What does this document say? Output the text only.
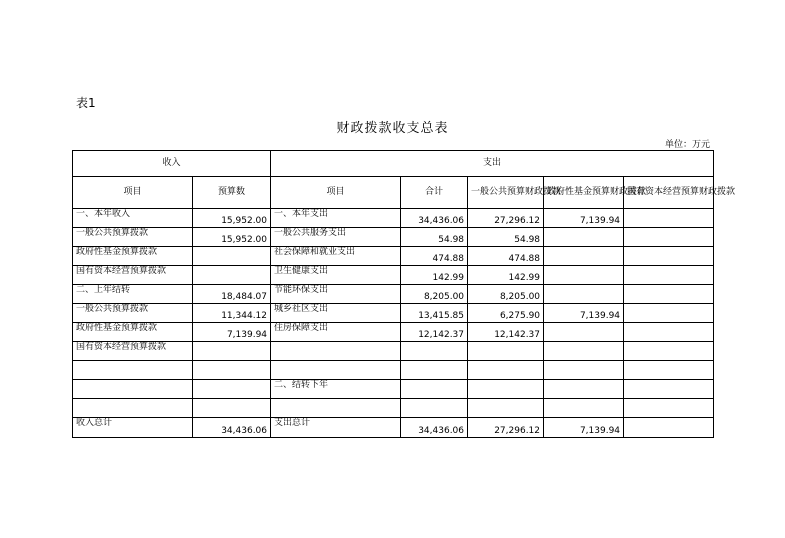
表1
财政拨款收支总表
单位：万元
收入		支出				
项目	预算数	项目	合计	一般公共预算财政拨款	政府性基金预算财政拨款	国有资本经营预算财政拨款
一、本年收入	15,952.00	一、本年支出	34,436.06	27,296.12	7,139.94	
一般公共预算拨款	15,952.00	一般公共服务支出	54.98	54.98		
政府性基金预算拨款		社会保障和就业支出	474.88	474.88		
国有资本经营预算拨款		卫生健康支出	142.99	142.99		
二、上年结转	18,484.07	节能环保支出	8,205.00	8,205.00		
一般公共预算拨款	11,344.12	城乡社区支出	13,415.85	6,275.90	7,139.94	
政府性基金预算拨款	7,139.94	住房保障支出	12,142.37	12,142.37		
国有资本经营预算拨款						

		二、结转下年				

收入总计	34,436.06	支出总计	34,436.06	27,296.12	7,139.94	
